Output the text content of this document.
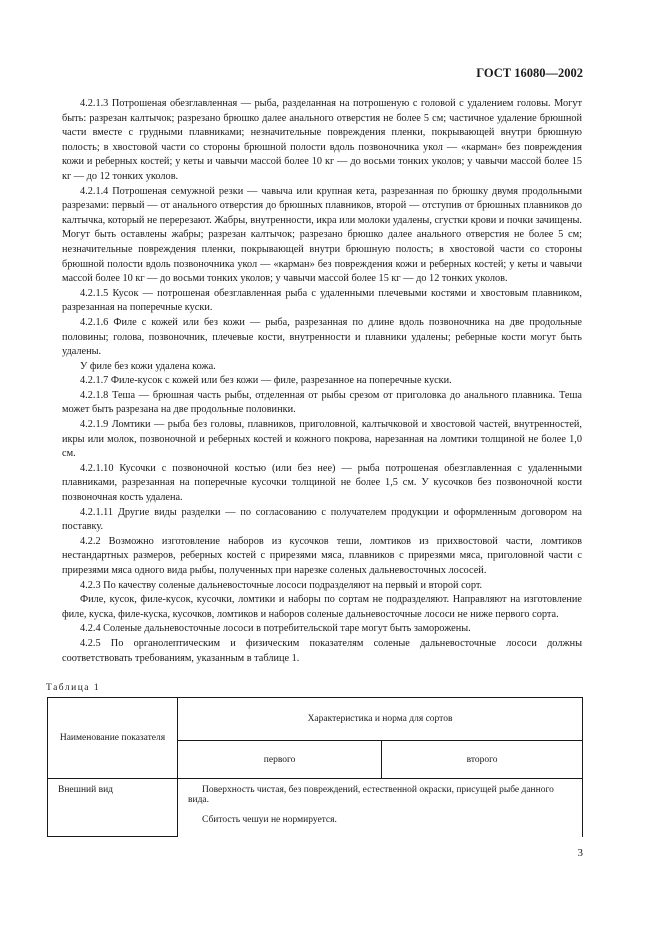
ГОСТ 16080—2002

4.2.1.3 Потрошеная обезглавленная — рыба, разделанная на потрошеную с головой с удалением головы. Могут быть: разрезан калтычок; разрезано брюшко далее анального отверстия не более 5 см; частичное удаление брюшной части вместе с грудными плавниками; незначительные повреждения пленки, покрывающей внутри брюшную полость; в хвостовой части со стороны брюшной полости вдоль позвоночника укол — «карман» без повреждения кожи и реберных костей; у кеты и чавычи массой более 10 кг — до восьми тонких уколов; у чавычи массой более 15 кг — до 12 тонких уколов.

4.2.1.4 Потрошеная семужной резки — чавыча или крупная кета, разрезанная по брюшку двумя продольными разрезами: первый — от анального отверстия до брюшных плавников, второй — отступив от брюшных плавников до калтычка, который не перерезают. Жабры, внутренности, икра или молоки удалены, сгустки крови и почки зачищены. Могут быть оставлены жабры; разрезан калтычок; разрезано брюшко далее анального отверстия не более 5 см; незначительные повреждения пленки, покрывающей внутри брюшную полость; в хвостовой части со стороны брюшной полости вдоль позвоночника укол — «карман» без повреждения кожи и реберных костей; у кеты и чавычи массой более 10 кг — до восьми тонких уколов; у чавычи массой более 15 кг — до 12 тонких уколов.

4.2.1.5 Кусок — потрошеная обезглавленная рыба с удаленными плечевыми костями и хвостовым плавником, разрезанная на поперечные куски.

4.2.1.6 Филе с кожей или без кожи — рыба, разрезанная по длине вдоль позвоночника на две продольные половины; голова, позвоночник, плечевые кости, внутренности и плавники удалены; реберные кости могут быть удалены.

У филе без кожи удалена кожа.

4.2.1.7 Филе-кусок с кожей или без кожи — филе, разрезанное на поперечные куски.

4.2.1.8 Теша — брюшная часть рыбы, отделенная от рыбы срезом от приголовка до анального плавника. Теша может быть разрезана на две продольные половинки.

4.2.1.9 Ломтики — рыба без головы, плавников, приголовной, калтычковой и хвостовой частей, внутренностей, икры или молок, позвоночной и реберных костей и кожного покрова, нарезанная на ломтики толщиной не более 1,0 см.

4.2.1.10 Кусочки с позвоночной костью (или без нее) — рыба потрошеная обезглавленная с удаленными плавниками, разрезанная на поперечные кусочки толщиной не более 1,5 см. У кусочков без позвоночной кости позвоночная кость удалена.

4.2.1.11 Другие виды разделки — по согласованию с получателем продукции и оформленным договором на поставку.

4.2.2 Возможно изготовление наборов из кусочков теши, ломтиков из прихвостовой части, ломтиков нестандартных размеров, реберных костей с прирезями мяса, плавников с прирезями мяса, приголовной части с прирезями мяса одного вида рыбы, полученных при нарезке соленых дальневосточных лососей.

4.2.3 По качеству соленые дальневосточные лососи подразделяют на первый и второй сорт.

Филе, кусок, филе-кусок, кусочки, ломтики и наборы по сортам не подразделяют. Направляют на изготовление филе, куска, филе-куска, кусочков, ломтиков и наборов соленые дальневосточные лососи не ниже первого сорта.

4.2.4 Соленые дальневосточные лососи в потребительской таре могут быть заморожены.

4.2.5 По органолептическим и физическим показателям соленые дальневосточные лососи должны соответствовать требованиям, указанным в таблице 1.

Таблица 1
Наименование показателя	Характеристика и норма для сортов	
	первого	второго
Внешний вид	Поверхность чистая, без повреждений, естественной окраски, присущей рыбе данного вида.
Сбитость чешуи не нормируется.	
3
